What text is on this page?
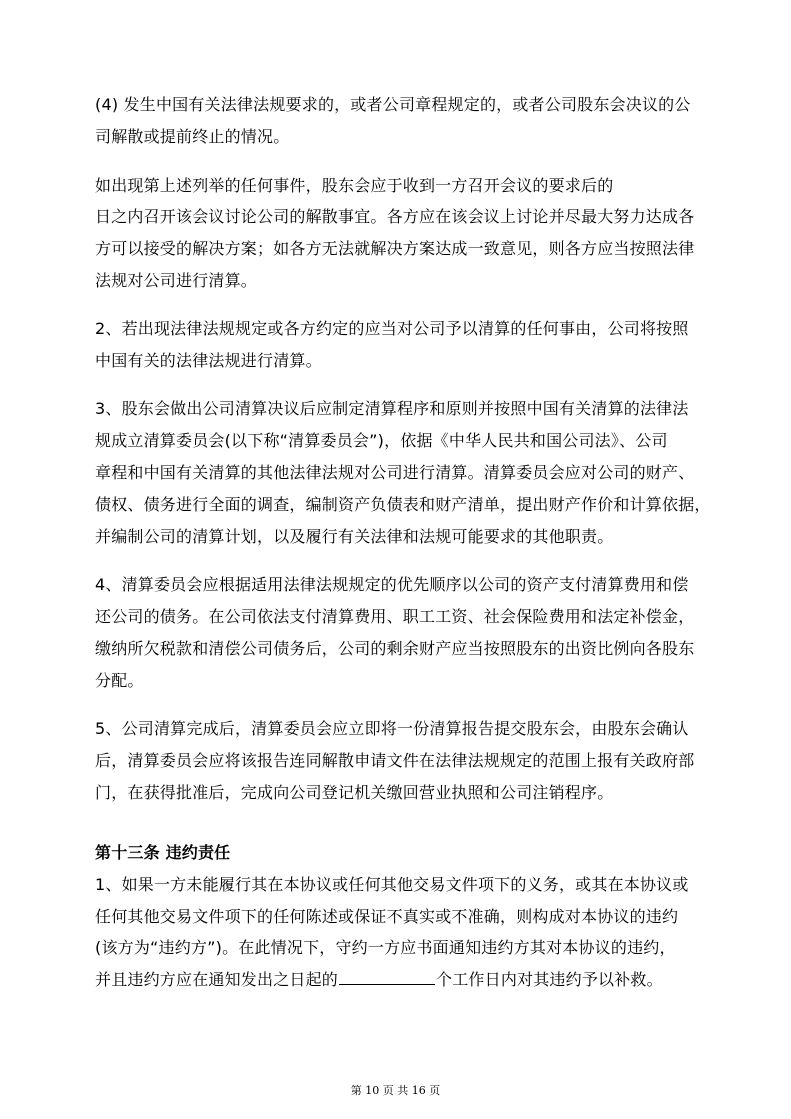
(4) 发生中国有关法律法规要求的，或者公司章程规定的，或者公司股东会决议的公
司解散或提前终止的情况。
如出现第上述列举的任何事件，股东会应于收到一方召开会议的要求后的
日之内召开该会议讨论公司的解散事宜。各方应在该会议上讨论并尽最大努力达成各
方可以接受的解决方案；如各方无法就解决方案达成一致意见，则各方应当按照法律
法规对公司进行清算。
2、若出现法律法规规定或各方约定的应当对公司予以清算的任何事由，公司将按照
中国有关的法律法规进行清算。
3、股东会做出公司清算决议后应制定清算程序和原则并按照中国有关清算的法律法
规成立清算委员会(以下称“清算委员会”)，依据《中华人民共和国公司法》、公司
章程和中国有关清算的其他法律法规对公司进行清算。清算委员会应对公司的财产、
债权、债务进行全面的调查，编制资产负债表和财产清单，提出财产作价和计算依据，
并编制公司的清算计划，以及履行有关法律和法规可能要求的其他职责。
4、清算委员会应根据适用法律法规规定的优先顺序以公司的资产支付清算费用和偿
还公司的债务。在公司依法支付清算费用、职工工资、社会保险费用和法定补偿金，
缴纳所欠税款和清偿公司债务后，公司的剩余财产应当按照股东的出资比例向各股东
分配。
5、公司清算完成后，清算委员会应立即将一份清算报告提交股东会，由股东会确认
后，清算委员会应将该报告连同解散申请文件在法律法规规定的范围上报有关政府部
门，在获得批准后，完成向公司登记机关缴回营业执照和公司注销程序。
第十三条 违约责任
1、如果一方未能履行其在本协议或任何其他交易文件项下的义务，或其在本协议或
任何其他交易文件项下的任何陈述或保证不真实或不准确，则构成对本协议的违约
(该方为“违约方”)。在此情况下，守约一方应书面通知违约方其对本协议的违约，
并且违约方应在通知发出之日起的	个工作日内对其违约予以补救。
第 10 页 共 16 页
